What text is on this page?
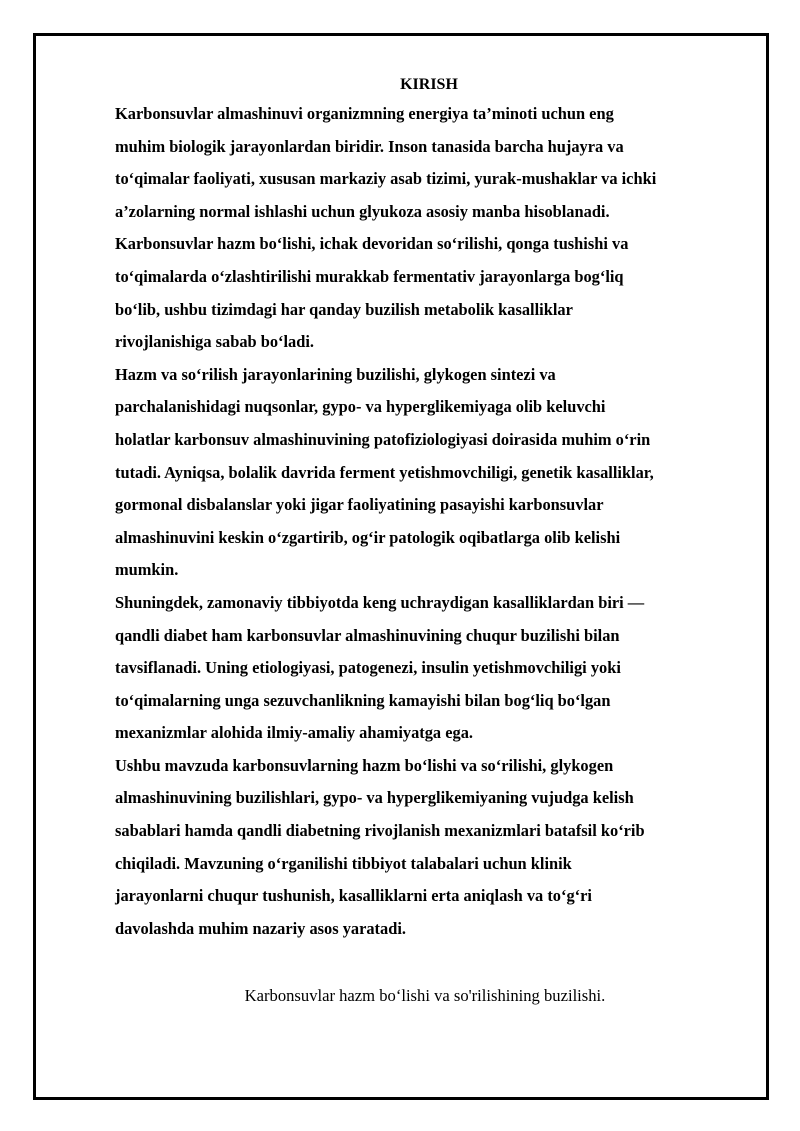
KIRISH
Karbonsuvlar almashinuvi organizmning energiya ta’minoti uchun eng
muhim biologik jarayonlardan biridir. Inson tanasida barcha hujayra va
to‘qimalar faoliyati, xususan markaziy asab tizimi, yurak-mushaklar va ichki
a’zolarning normal ishlashi uchun glyukoza asosiy manba hisoblanadi.
Karbonsuvlar hazm bo‘lishi, ichak devoridan so‘rilishi, qonga tushishi va
to‘qimalarda o‘zlashtirilishi murakkab fermentativ jarayonlarga bog‘liq
bo‘lib, ushbu tizimdagi har qanday buzilish metabolik kasalliklar
rivojlanishiga sabab bo‘ladi.
Hazm va so‘rilish jarayonlarining buzilishi, glykogen sintezi va
parchalanishidagi nuqsonlar, gypo- va hyperglikemiyaga olib keluvchi
holatlar karbonsuv almashinuvining patofiziologiyasi doirasida muhim o‘rin
tutadi. Ayniqsa, bolalik davrida ferment yetishmovchiligi, genetik kasalliklar,
gormonal disbalanslar yoki jigar faoliyatining pasayishi karbonsuvlar
almashinuvini keskin o‘zgartirib, og‘ir patologik oqibatlarga olib kelishi
mumkin.
Shuningdek, zamonaviy tibbiyotda keng uchraydigan kasalliklardan biri —
qandli diabet ham karbonsuvlar almashinuvining chuqur buzilishi bilan
tavsiflanadi. Uning etiologiyasi, patogenezi, insulin yetishmovchiligi yoki
to‘qimalarning unga sezuvchanlikning kamayishi bilan bog‘liq bo‘lgan
mexanizmlar alohida ilmiy-amaliy ahamiyatga ega.
Ushbu mavzuda karbonsuvlarning hazm bo‘lishi va so‘rilishi, glykogen
almashinuvining buzilishlari, gypo- va hyperglikemiyaning vujudga kelish
sabablari hamda qandli diabetning rivojlanish mexanizmlari batafsil ko‘rib
chiqiladi. Mavzuning o‘rganilishi tibbiyot talabalari uchun klinik
jarayonlarni chuqur tushunish, kasalliklarni erta aniqlash va to‘g‘ri
davolashda muhim nazariy asos yaratadi.
Karbonsuvlar hazm bo‘lishi va so'rilishining buzilishi.
